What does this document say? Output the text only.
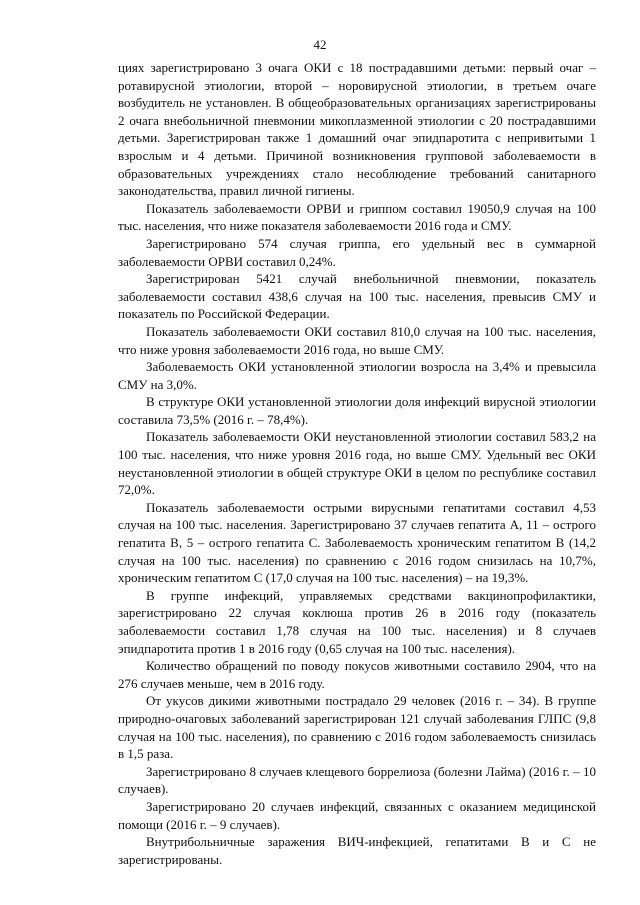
42

циях зарегистрировано 3 очага ОКИ с 18 пострадавшими детьми: первый очаг – ротавирусной этиологии, второй – норовирусной этиологии, в третьем очаге возбудитель не установлен. В общеобразовательных организациях зарегистрированы 2 очага внебольничной пневмонии микоплазменной этиологии с 20 пострадавшими детьми. Зарегистрирован также 1 домашний очаг эпидпаротита с непривитыми 1 взрослым и 4 детьми. Причиной возникновения групповой заболеваемости в образовательных учреждениях стало несоблюдение требований санитарного законодательства, правил личной гигиены.

Показатель заболеваемости ОРВИ и гриппом составил 19050,9 случая на 100 тыс. населения, что ниже показателя заболеваемости 2016 года и СМУ.

Зарегистрировано 574 случая гриппа, его удельный вес в суммарной заболеваемости ОРВИ составил 0,24%.

Зарегистрирован 5421 случай внебольничной пневмонии, показатель заболеваемости составил 438,6 случая на 100 тыс. населения, превысив СМУ и показатель по Российской Федерации.

Показатель заболеваемости ОКИ составил 810,0 случая на 100 тыс. населения, что ниже уровня заболеваемости 2016 года, но выше СМУ.

Заболеваемость ОКИ установленной этиологии возросла на 3,4% и превысила СМУ на 3,0%.

В структуре ОКИ установленной этиологии доля инфекций вирусной этиологии составила 73,5% (2016 г. – 78,4%).

Показатель заболеваемости ОКИ неустановленной этиологии составил 583,2 на 100 тыс. населения, что ниже уровня 2016 года, но выше СМУ. Удельный вес ОКИ неустановленной этиологии в общей структуре ОКИ в целом по республике составил 72,0%.

Показатель заболеваемости острыми вирусными гепатитами составил 4,53 случая на 100 тыс. населения. Зарегистрировано 37 случаев гепатита А, 11 – острого гепатита В, 5 – острого гепатита С. Заболеваемость хроническим гепатитом В (14,2 случая на 100 тыс. населения) по сравнению с 2016 годом снизилась на 10,7%, хроническим гепатитом С (17,0 случая на 100 тыс. населения) – на 19,3%.

В группе инфекций, управляемых средствами вакцинопрофилактики, зарегистрировано 22 случая коклюша против 26 в 2016 году (показатель заболеваемости составил 1,78 случая на 100 тыс. населения) и 8 случаев эпидпаротита против 1 в 2016 году (0,65 случая на 100 тыс. населения).

Количество обращений по поводу покусов животными составило 2904, что на 276 случаев меньше, чем в 2016 году.

От укусов дикими животными пострадало 29 человек (2016 г. – 34). В группе природно-очаговых заболеваний зарегистрирован 121 случай заболевания ГЛПС (9,8 случая на 100 тыс. населения), по сравнению с 2016 годом заболеваемость снизилась в 1,5 раза.

Зарегистрировано 8 случаев клещевого боррелиоза (болезни Лайма) (2016 г. – 10 случаев).

Зарегистрировано 20 случаев инфекций, связанных с оказанием медицинской помощи (2016 г. – 9 случаев).

Внутрибольничные заражения ВИЧ-инфекцией, гепатитами В и С не зарегистрированы.
